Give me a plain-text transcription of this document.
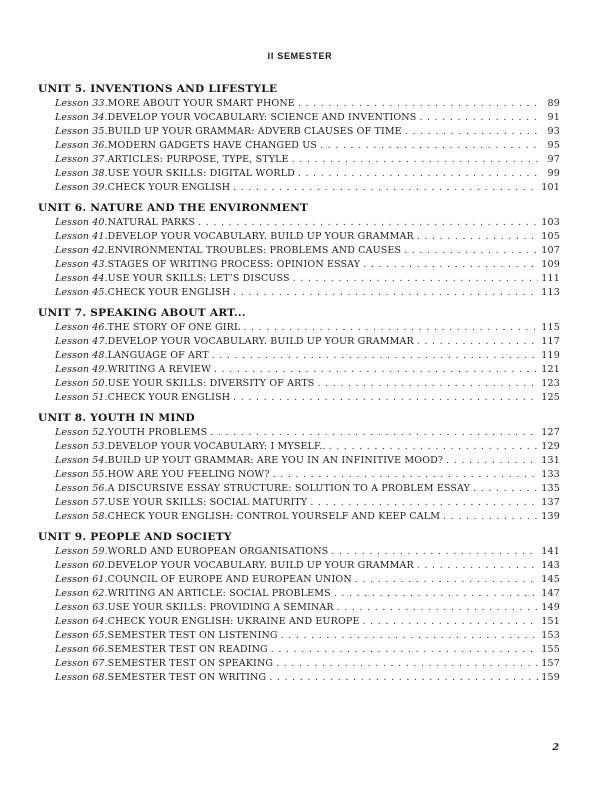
ІІ SEMESTER
UNIT 5. INVENTIONS AND LIFESTYLE
Lesson 33. MORE ABOUT YOUR SMART PHONE .....	89
Lesson 34. DEVELOP YOUR VOCABULARY: SCIENCE AND INVENTIONS .....	91
Lesson 35. BUILD UP YOUR GRAMMAR: ADVERB CLAUSES OF TIME .....	93
Lesson 36. MODERN GADGETS HAVE CHANGED US .....	95
Lesson 37. ARTICLES: PURPOSE, TYPE, STYLE .....	97
Lesson 38. USE YOUR SKILLS: DIGITAL WORLD .....	99
Lesson 39. CHECK YOUR ENGLISH .....	101
UNIT 6. NATURE AND THE ENVIRONMENT
Lesson 40. NATURAL PARKS .....	103
Lesson 41. DEVELOP YOUR VOCABULARY. BUILD UP YOUR GRAMMAR .....	105
Lesson 42. ENVIRONMENTAL TROUBLES: PROBLEMS AND CAUSES .....	107
Lesson 43. STAGES OF WRITING PROCESS: OPINION ESSAY .....	109
Lesson 44. USE YOUR SKILLS: LET’S DISCUSS .....	111
Lesson 45. CHECK YOUR ENGLISH .....	113
UNIT 7. SPEAKING ABOUT ART...
Lesson 46. THE STORY OF ONE GIRL .....	115
Lesson 47. DEVELOP YOUR VOCABULARY. BUILD UP YOUR GRAMMAR .....	117
Lesson 48. LANGUAGE OF ART .....	119
Lesson 49. WRITING A REVIEW .....	121
Lesson 50. USE YOUR SKILLS: DIVERSITY OF ARTS .....	123
Lesson 51. CHECK YOUR ENGLISH .....	125
UNIT 8. YOUTH IN MIND
Lesson 52. YOUTH PROBLEMS .....	127
Lesson 53. DEVELOP YOUR VOCABULARY: I MYSELF.. .....	129
Lesson 54. BUILD UP YOUT GRAMMAR: ARE YOU IN AN INFINITIVE MOOD? .....	131
Lesson 55. HOW ARE YOU FEELING NOW? .....	133
Lesson 56. A DISCURSIVE ESSAY STRUCTURE: SOLUTION TO A PROBLEM ESSAY .....	135
Lesson 57. USE YOUR SKILLS: SOCIAL MATURITY .....	137
Lesson 58. CHECK YOUR ENGLISH: CONTROL YOURSELF AND KEEP CALM .....	139
UNIT 9. PEOPLE AND SOCIETY
Lesson 59. WORLD AND EUROPEAN ORGANISATIONS .....	141
Lesson 60. DEVELOP YOUR VOCABULARY. BUILD UP YOUR GRAMMAR .....	143
Lesson 61. COUNCIL OF EUROPE AND EUROPEAN UNION .....	145
Lesson 62. WRITING AN ARTICLE: SOCIAL PROBLEMS .....	147
Lesson 63. USE YOUR SKILLS: PROVIDING A SEMINAR .....	149
Lesson 64. CHECK YOUR ENGLISH: UKRAINE AND EUROPE .....	151
Lesson 65. SEMESTER TEST ON LISTENING .....	153
Lesson 66. SEMESTER TEST ON READING .....	155
Lesson 67. SEMESTER TEST ON SPEAKING .....	157
Lesson 68. SEMESTER TEST ON WRITING .....	159
2
